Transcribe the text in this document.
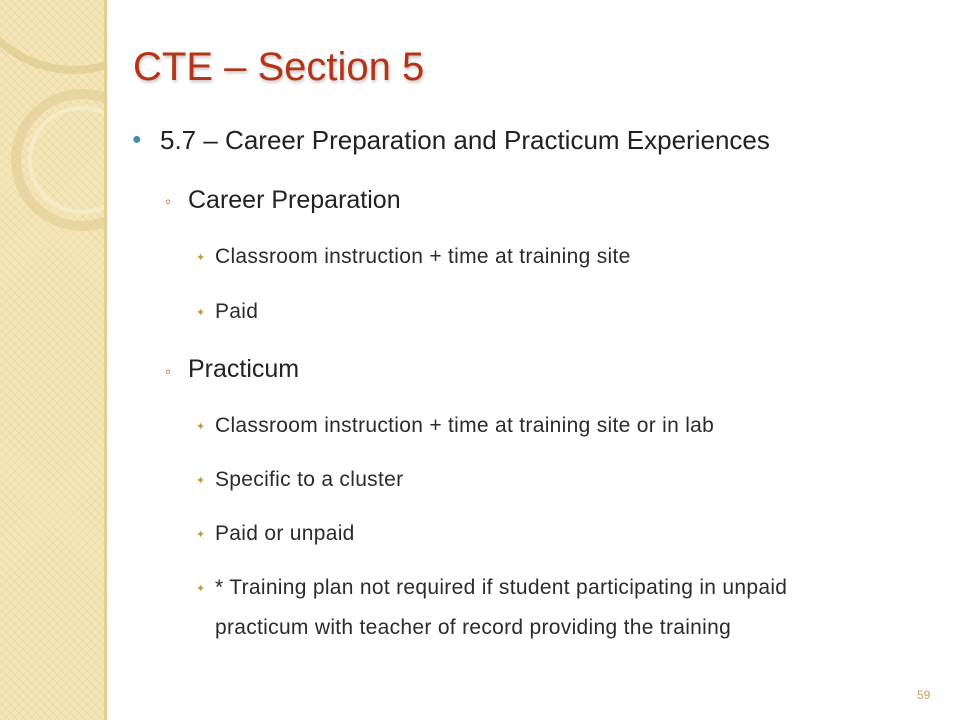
CTE – Section 5
● 5.7 – Career Preparation and Practicum Experiences
◦ Career Preparation
✦ Classroom instruction + time at training site
✦ Paid
◦ Practicum
✦ Classroom instruction + time at training site or in lab
✦ Specific to a cluster
✦ Paid or unpaid
✦ * Training plan not required if student participating in unpaid
practicum with teacher of record providing the training
59
